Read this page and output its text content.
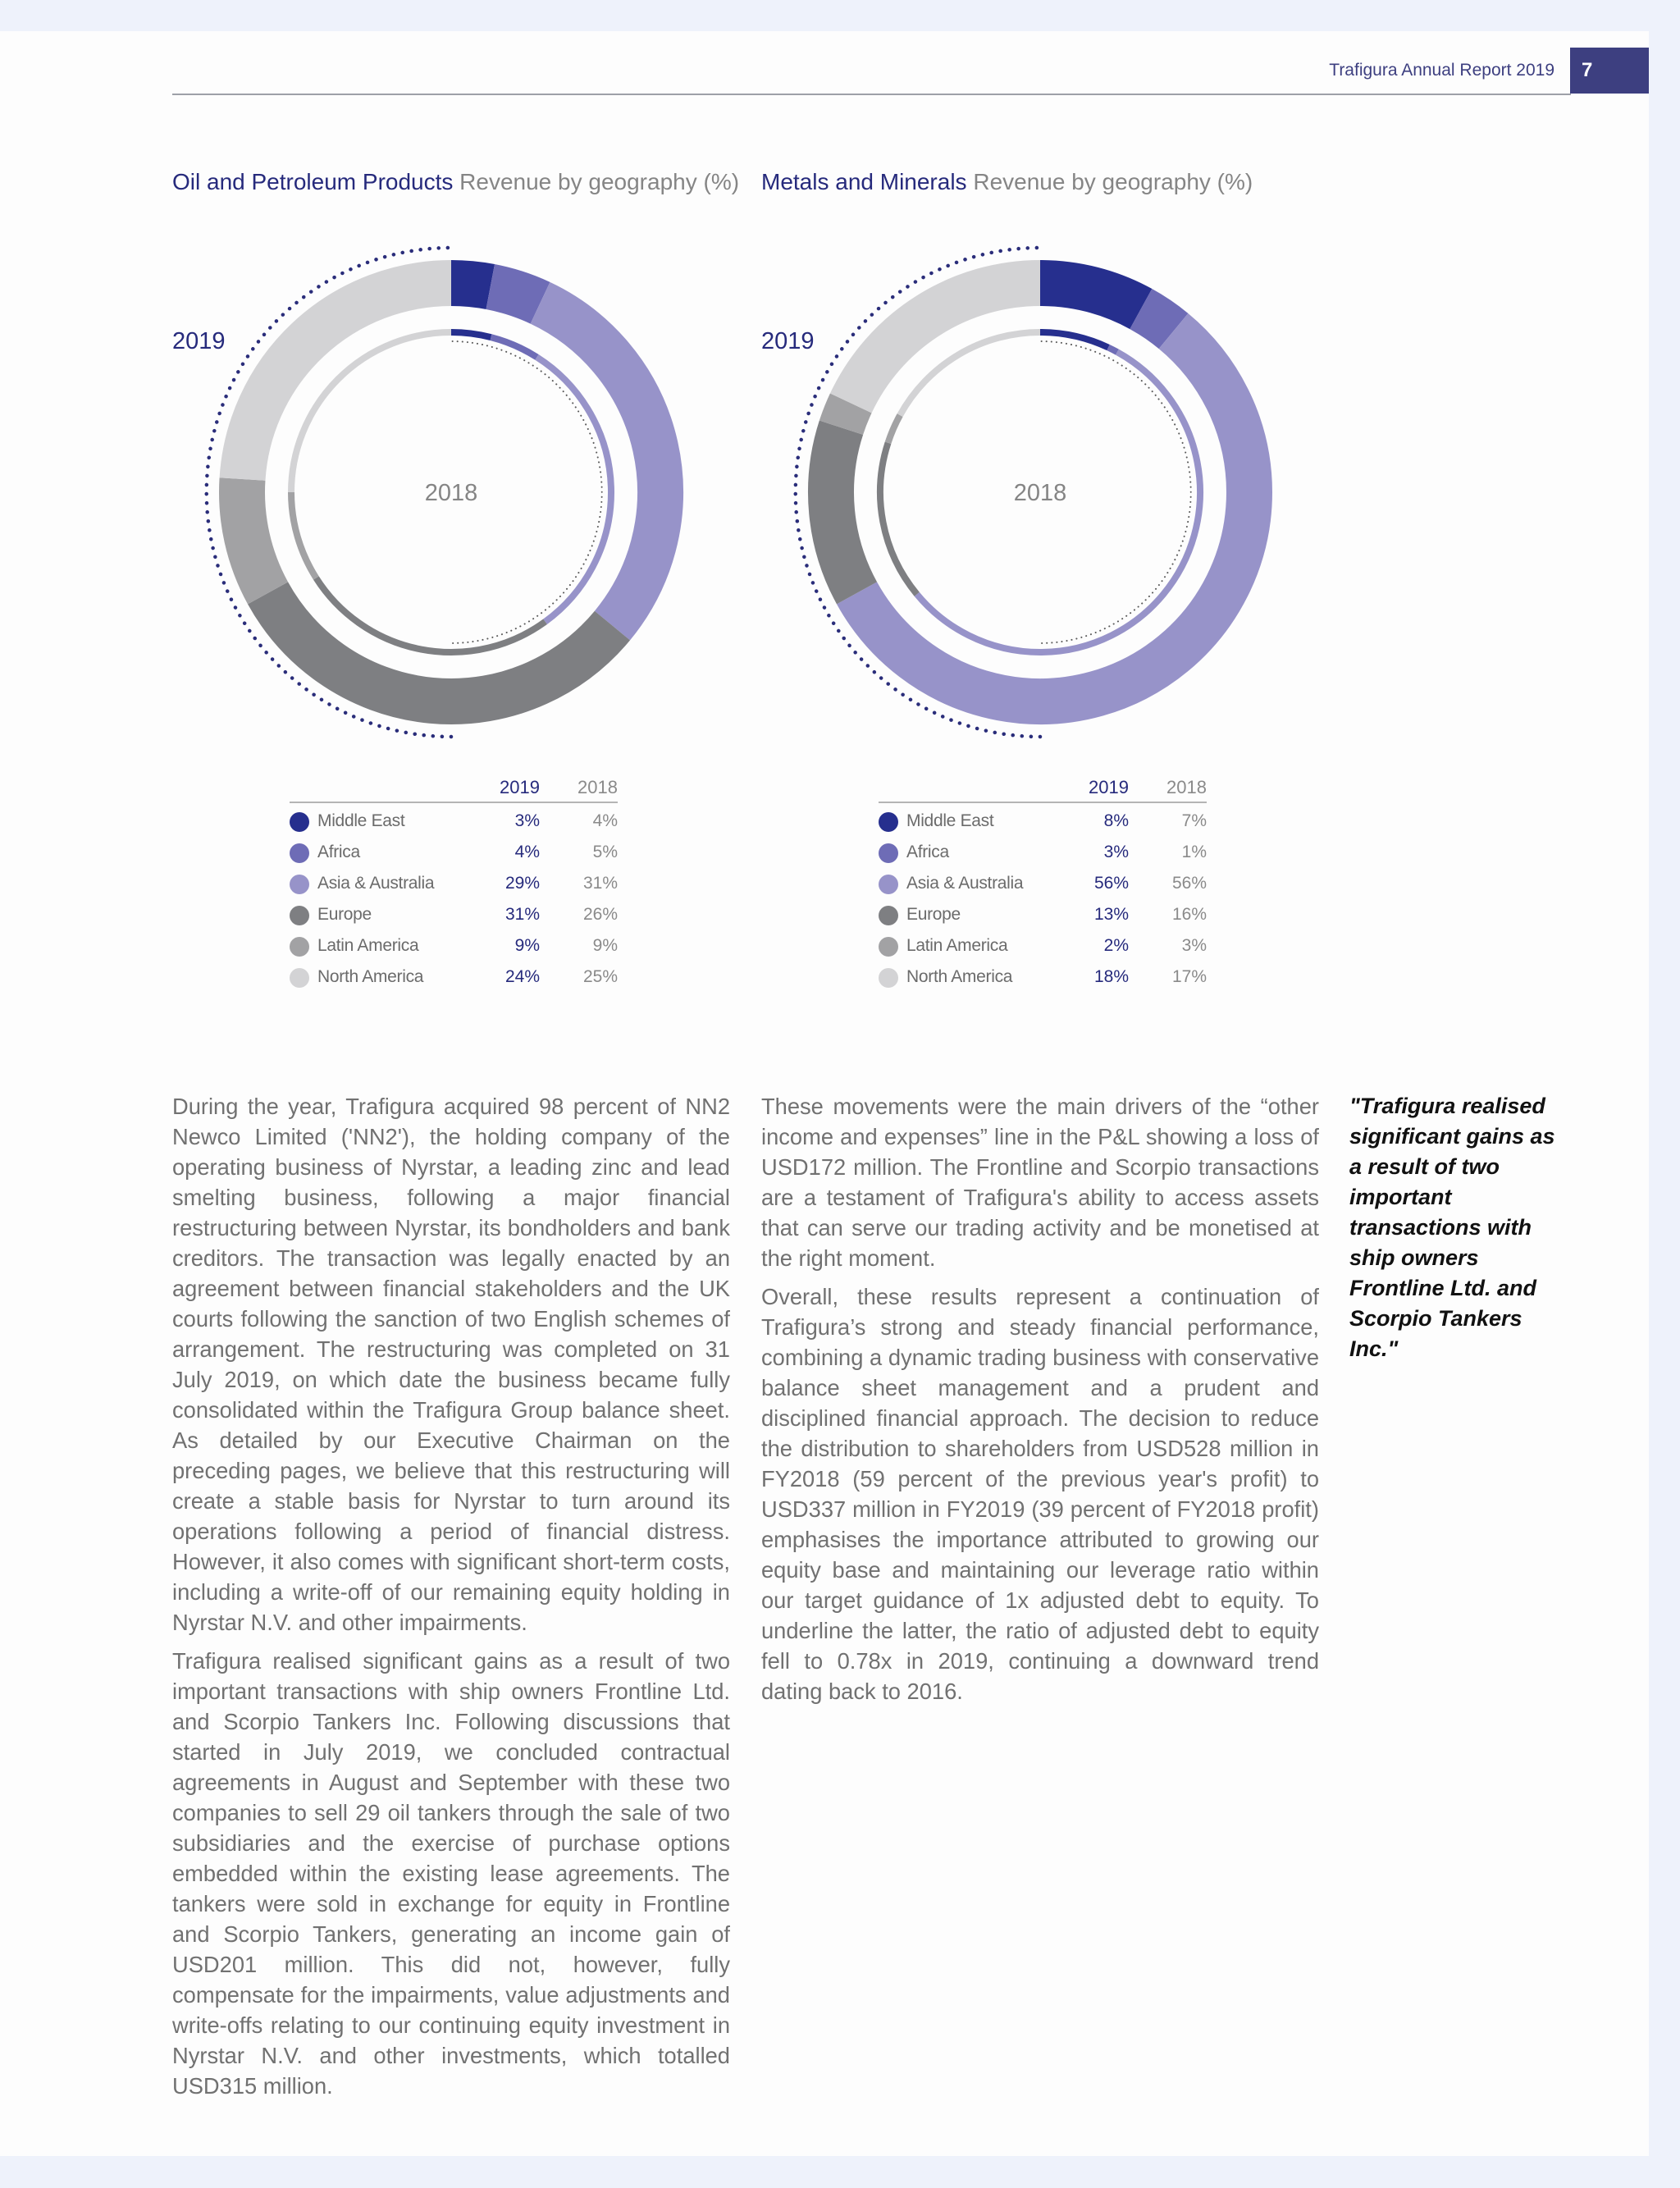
Trafigura Annual Report 2019	7
Oil and Petroleum Products Revenue by geography (%)
2019
2018
2019 2018
Middle East	3%	4%
Africa	4%	5%
Asia & Australia	29%	31%
Europe	31%	26%
Latin America	9%	9%
North America	24%	25%
Metals and Minerals Revenue by geography (%)
2019
2018
2019 2018
Middle East	8%	7%
Africa	3%	1%
Asia & Australia	56%	56%
Europe	13%	16%
Latin America	2%	3%
North America	18%	17%

During the year, Trafigura acquired 98 percent of NN2 Newco Limited ('NN2'), the holding company of the operating business of Nyrstar, a leading zinc and lead smelting business, following a major financial restructuring between Nyrstar, its bondholders and bank creditors. The transaction was legally enacted by an agreement between financial stakeholders and the UK courts following the sanction of two English schemes of arrangement. The restructuring was completed on 31 July 2019, on which date the business became fully consolidated within the Trafigura Group balance sheet. As detailed by our Executive Chairman on the preceding pages, we believe that this restructuring will create a stable basis for Nyrstar to turn around its operations following a period of financial distress. However, it also comes with significant short-term costs, including a write-off of our remaining equity holding in Nyrstar N.V. and other impairments.

Trafigura realised significant gains as a result of two important transactions with ship owners Frontline Ltd. and Scorpio Tankers Inc. Following discussions that started in July 2019, we concluded contractual agreements in August and September with these two companies to sell 29 oil tankers through the sale of two subsidiaries and the exercise of purchase options embedded within the existing lease agreements. The tankers were sold in exchange for equity in Frontline and Scorpio Tankers, generating an income gain of USD201 million. This did not, however, fully compensate for the impairments, value adjustments and write-offs relating to our continuing equity investment in Nyrstar N.V. and other investments, which totalled USD315 million.

These movements were the main drivers of the “other income and expenses” line in the P&L showing a loss of USD172 million. The Frontline and Scorpio transactions are a testament of Trafigura's ability to access assets that can serve our trading activity and be monetised at the right moment.

Overall, these results represent a continuation of Trafigura’s strong and steady financial performance, combining a dynamic trading business with conservative balance sheet management and a prudent and disciplined financial approach. The decision to reduce the distribution to shareholders from USD528 million in FY2018 (59 percent of the previous year's profit) to USD337 million in FY2019 (39 percent of FY2018 profit) emphasises the importance attributed to growing our equity base and maintaining our leverage ratio within our target guidance of 1x adjusted debt to equity. To underline the latter, the ratio of adjusted debt to equity fell to 0.78x in 2019, continuing a downward trend dating back to 2016.

"Trafigura realised significant gains as a result of two important transactions with ship owners Frontline Ltd. and Scorpio Tankers Inc."
